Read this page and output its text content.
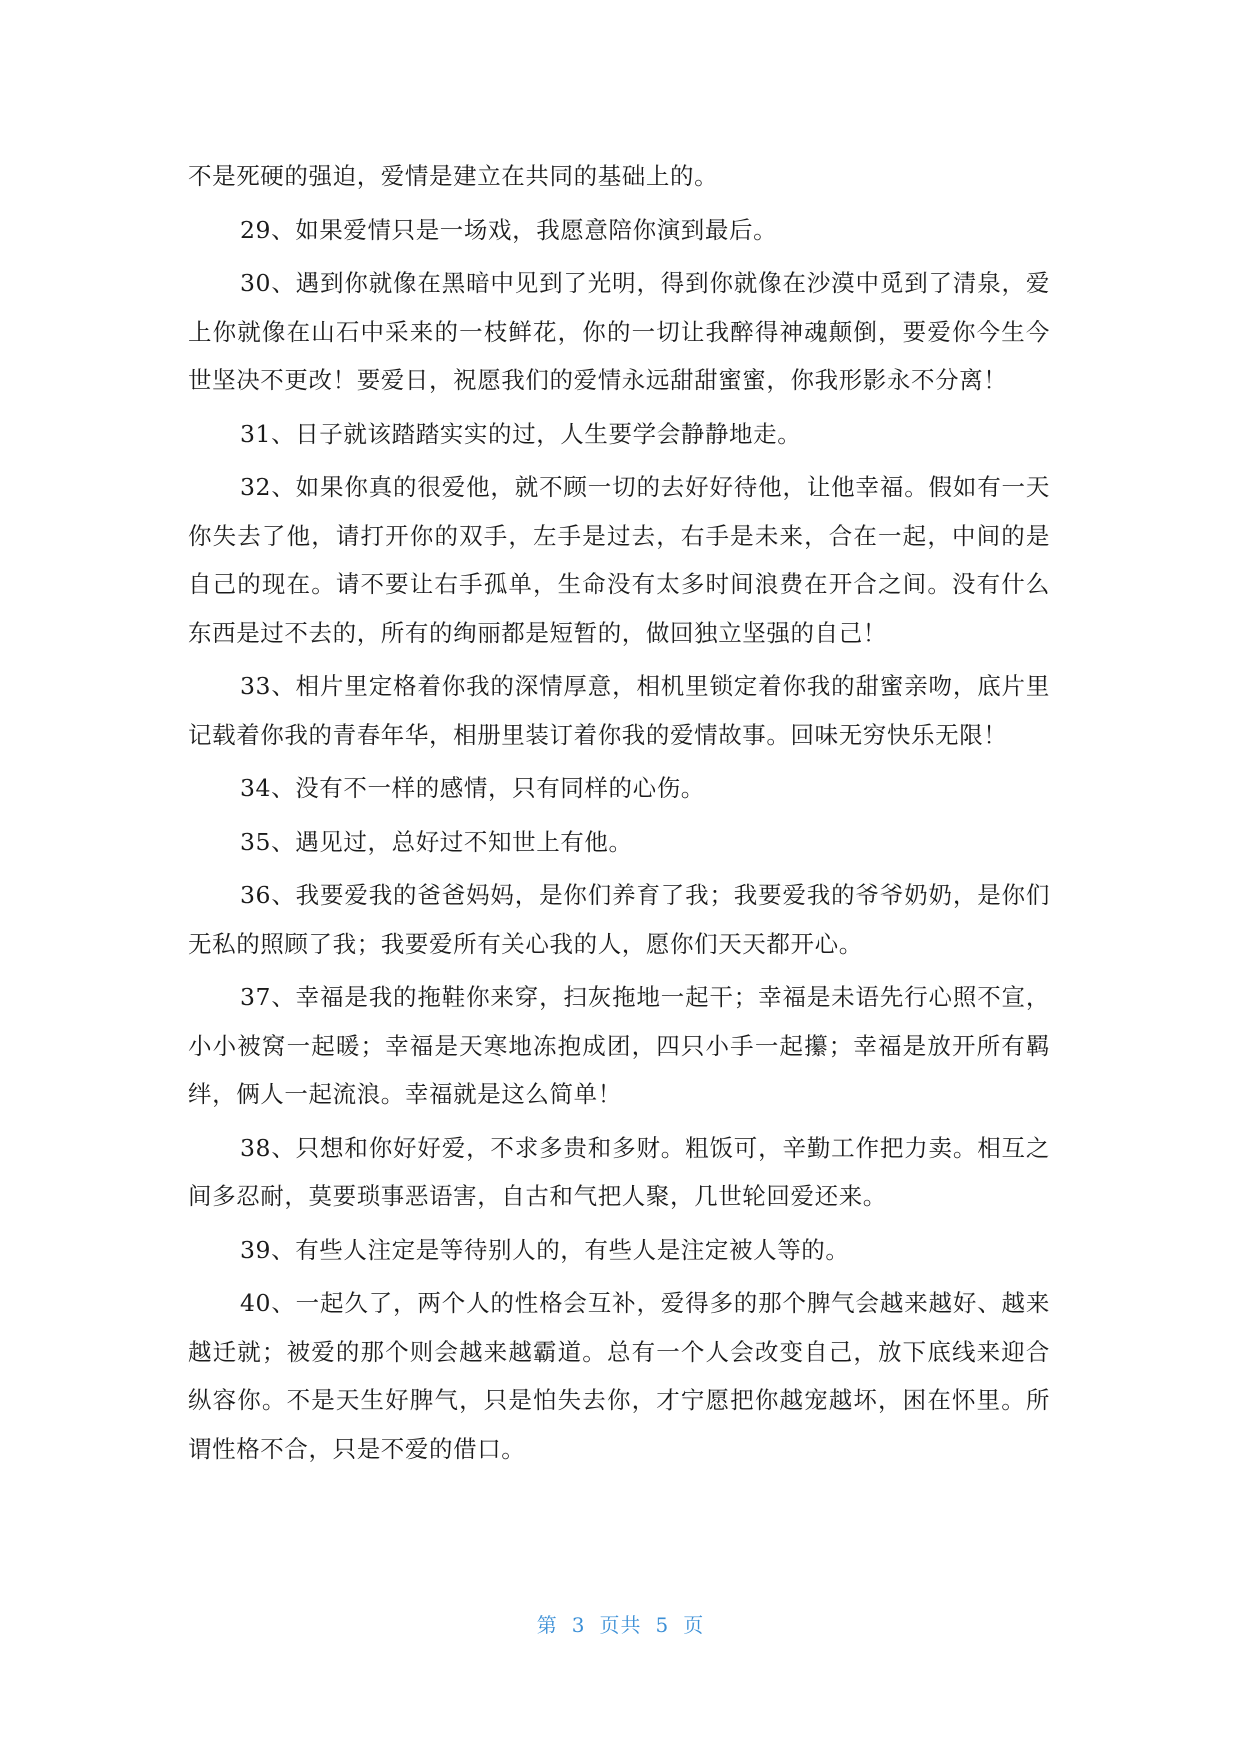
不是死硬的强迫，爱情是建立在共同的基础上的。

29、如果爱情只是一场戏，我愿意陪你演到最后。

30、遇到你就像在黑暗中见到了光明，得到你就像在沙漠中觅到了清泉，爱上你就像在山石中采来的一枝鲜花，你的一切让我醉得神魂颠倒，要爱你今生今世坚决不更改！要爱日，祝愿我们的爱情永远甜甜蜜蜜，你我形影永不分离！

31、日子就该踏踏实实的过，人生要学会静静地走。

32、如果你真的很爱他，就不顾一切的去好好待他，让他幸福。假如有一天你失去了他，请打开你的双手，左手是过去，右手是未来，合在一起，中间的是自己的现在。请不要让右手孤单，生命没有太多时间浪费在开合之间。没有什么东西是过不去的，所有的绚丽都是短暂的，做回独立坚强的自己！

33、相片里定格着你我的深情厚意，相机里锁定着你我的甜蜜亲吻，底片里记载着你我的青春年华，相册里装订着你我的爱情故事。回味无穷快乐无限！

34、没有不一样的感情，只有同样的心伤。

35、遇见过，总好过不知世上有他。

36、我要爱我的爸爸妈妈，是你们养育了我；我要爱我的爷爷奶奶，是你们无私的照顾了我；我要爱所有关心我的人，愿你们天天都开心。

37、幸福是我的拖鞋你来穿，扫灰拖地一起干；幸福是未语先行心照不宣，小小被窝一起暖；幸福是天寒地冻抱成团，四只小手一起攥；幸福是放开所有羁绊，俩人一起流浪。幸福就是这么简单！

38、只想和你好好爱，不求多贵和多财。粗饭可，辛勤工作把力卖。相互之间多忍耐，莫要琐事恶语害，自古和气把人聚，几世轮回爱还来。

39、有些人注定是等待别人的，有些人是注定被人等的。

40、一起久了，两个人的性格会互补，爱得多的那个脾气会越来越好、越来越迁就；被爱的那个则会越来越霸道。总有一个人会改变自己，放下底线来迎合纵容你。不是天生好脾气，只是怕失去你，才宁愿把你越宠越坏，困在怀里。所谓性格不合，只是不爱的借口。

第 3 页共 5 页
